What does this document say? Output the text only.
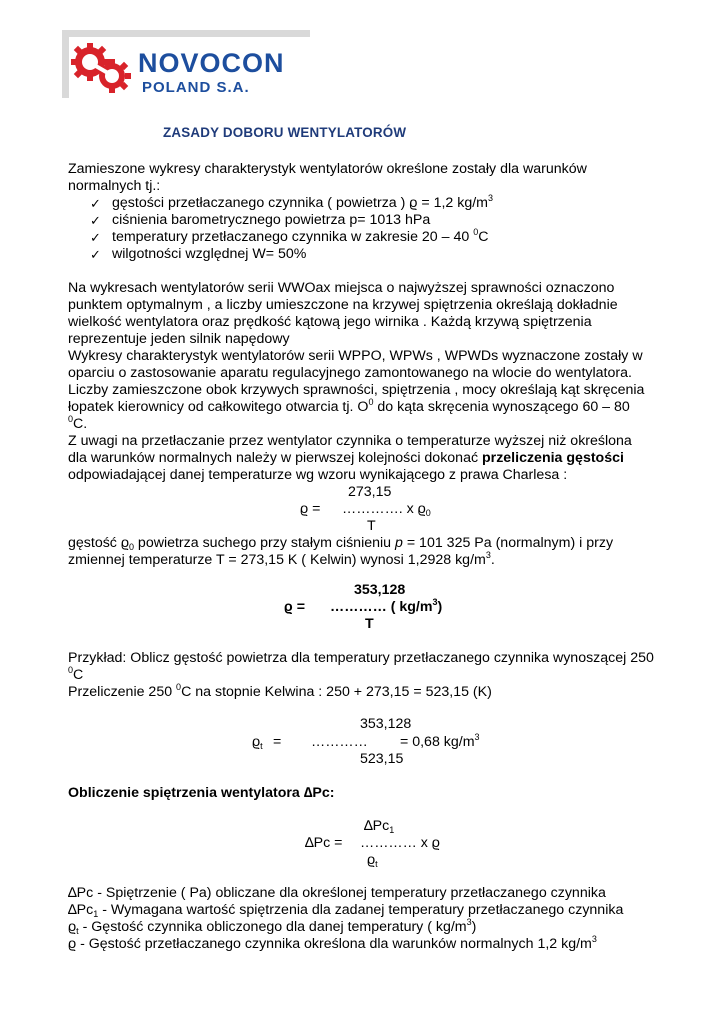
NOVOCON
POLAND S.A.
ZASADY DOBORU WENTYLATORÓW
Zamieszone wykresy charakterystyk wentylatorów określone zostały dla warunków
normalnych tj.:
✓ gęstości przetłaczanego czynnika ( powietrza ) ϱ = 1,2 $kg/m^3$
✓ ciśnienia barometrycznego powietrza p= 1013 hPa
✓ temperatury przetłaczanego czynnika w zakresie 20 – 40 $^0$C
✓ wilgotności względnej W= 50%
Na wykresach wentylatorów serii WWOax miejsca o najwyższej sprawności oznaczono
punktem optymalnym , a liczby umieszczone na krzywej spiętrzenia określają dokładnie
wielkość wentylatora oraz prędkość kątową jego wirnika . Każdą krzywą spiętrzenia
reprezentuje jeden silnik napędowy
Wykresy charakterystyk wentylatorów serii WPPO, WPWs , WPWDs wyznaczone zostały w
oparciu o zastosowanie aparatu regulacyjnego zamontowanego na wlocie do wentylatora.
Liczby zamieszczone obok krzywych sprawności, spiętrzenia , mocy określają kąt skręcenia
łopatek kierownicy od całkowitego otwarcia tj. $O^0$ do kąta skręcenia wynoszącego 60 – 80
$^0$C.
Z uwagi na przetłaczanie przez wentylator czynnika o temperaturze wyższej niż określona
dla warunków normalnych należy w pierwszej kolejności dokonać przeliczenia gęstości
odpowiadającej danej temperaturze wg wzoru wynikającego z prawa Charlesa :
273,15
ϱ = …………. x $ϱ_0$
T
gęstość $ϱ_0$ powietrza suchego przy stałym ciśnieniu p = 101 325 Pa (normalnym) i przy
zmiennej temperaturze T = 273,15 K ( Kelwin) wynosi 1,2928 $kg/m^3$.
353,128
ϱ = ………… ( $kg/m^3$)
T
Przykład: Oblicz gęstość powietrza dla temperatury przetłaczanego czynnika wynoszącej 250
$^0$C
Przeliczenie 250 $^0$C na stopnie Kelwina : 250 + 273,15 = 523,15 (K)
353,128
$ϱ_t$ = ………… = 0,68 $kg/m^3$
523,15
Obliczenie spiętrzenia wentylatora ∆Pc:
$\Delta Pc_1$
∆Pc = ………… x ϱ
$ϱ_t$
∆Pc - Spiętrzenie ( Pa) obliczane dla określonej temperatury przetłaczanego czynnika
$\Delta Pc_1$ - Wymagana wartość spiętrzenia dla zadanej temperatury przetłaczanego czynnika
$ϱ_t$ - Gęstość czynnika obliczonego dla danej temperatury ( $kg/m^3$)
ϱ - Gęstość przetłaczanego czynnika określona dla warunków normalnych 1,2 $kg/m^3$
